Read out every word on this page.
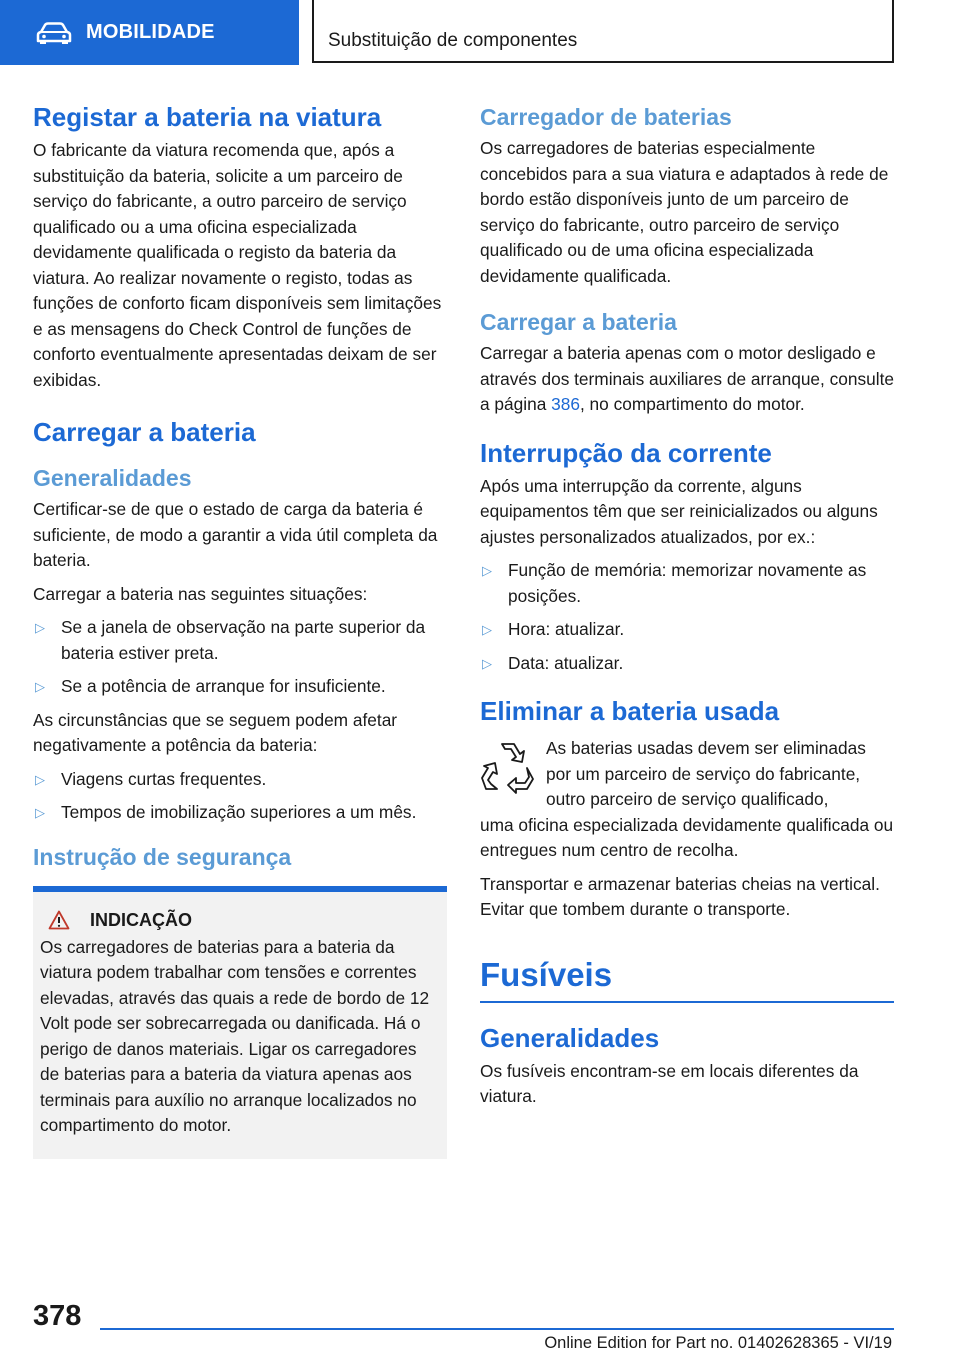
MOBILIDADE	Substituição de componentes
Registar a bateria na viatura

O fabricante da viatura recomenda que, após a substituição da bateria, solicite a um parceiro de serviço do fabricante, a outro parceiro de serviço qualificado ou a uma oficina especializada devidamente qualificada o registo da bateria da viatura. Ao realizar novamente o registo, todas as funções de conforto ficam disponíveis sem limitações e as mensagens do Check Control de funções de conforto eventualmente apresentadas deixam de ser exibidas.

Carregar a bateria
Generalidades

Certificar-se de que o estado de carga da bateria é suficiente, de modo a garantir a vida útil completa da bateria.

Carregar a bateria nas seguintes situações:

▷ Se a janela de observação na parte superior da bateria estiver preta.
▷ Se a potência de arranque for insuficiente.

As circunstâncias que se seguem podem afetar negativamente a potência da bateria:

▷ Viagens curtas frequentes.
▷ Tempos de imobilização superiores a um mês.
Instrução de segurança
INDICAÇÃO

Os carregadores de baterias para a bateria da viatura podem trabalhar com tensões e correntes elevadas, através das quais a rede de bordo de 12 Volt pode ser sobrecarregada ou danificada. Há o perigo de danos materiais. Ligar os carregadores de baterias para a bateria da viatura apenas aos terminais para auxílio no arranque localizados no compartimento do motor.

Carregador de baterias

Os carregadores de baterias especialmente concebidos para a sua viatura e adaptados à rede de bordo estão disponíveis junto de um parceiro de serviço do fabricante, outro parceiro de serviço qualificado ou de uma oficina especializada devidamente qualificada.

Carregar a bateria

Carregar a bateria apenas com o motor desligado e através dos terminais auxiliares de arranque, consulte a página 386, no compartimento do motor.

Interrupção da corrente

Após uma interrupção da corrente, alguns equipamentos têm que ser reinicializados ou alguns ajustes personalizados atualizados, por ex.:

▷ Função de memória: memorizar novamente as posições.
▷ Hora: atualizar.
▷ Data: atualizar.
Eliminar a bateria usada

As baterias usadas devem ser eliminadas por um parceiro de serviço do fabricante, outro parceiro de serviço qualificado,

uma oficina especializada devidamente qualificada ou entregues num centro de recolha.

Transportar e armazenar baterias cheias na vertical. Evitar que tombem durante o transporte.

Fusíveis
Generalidades

Os fusíveis encontram-se em locais diferentes da viatura.

378
Online Edition for Part no. 01402628365 - VI/19
